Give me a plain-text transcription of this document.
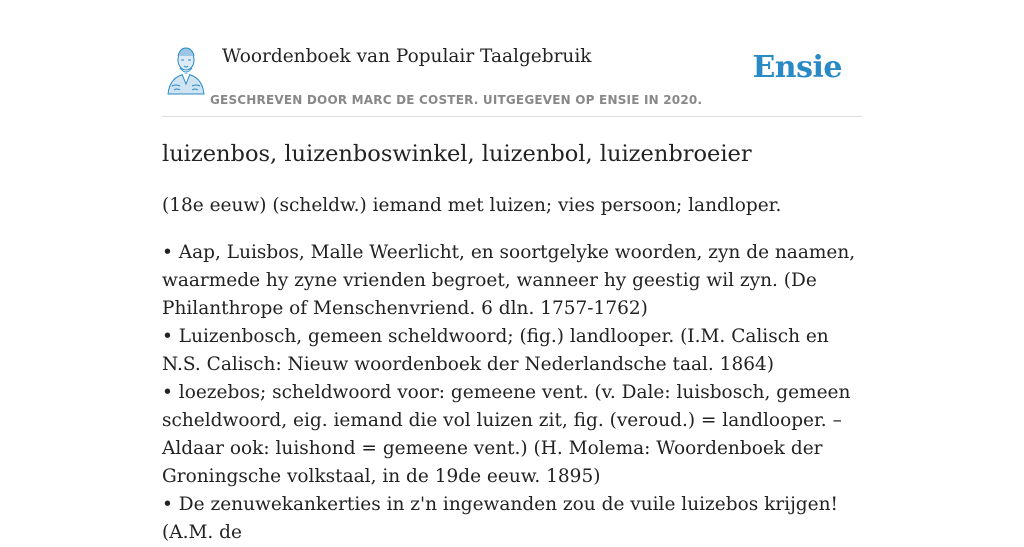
Woordenboek van Populair Taalgebruik
GESCHREVEN DOOR MARC DE COSTER. UITGEGEVEN OP ENSIE IN 2020.
Ensie
luizenbos, luizenboswinkel, luizenbol, luizenbroeier

(18e eeuw) (scheldw.) iemand met luizen; vies persoon; landloper.

• Aap, Luisbos, Malle Weerlicht, en soortgelyke woorden, zyn de naamen, waarmede hy zyne vrienden begroet, wanneer hy geestig wil zyn. (De Philanthrope of Menschenvriend. 6 dln. 1757-1762)
• Luizenbosch, gemeen scheldwoord; (fig.) landlooper. (I.M. Calisch en N.S. Calisch: Nieuw woordenboek der Nederlandsche taal. 1864)
• loezebos; scheldwoord voor: gemeene vent. (v. Dale: luisbosch, gemeen scheldwoord, eig. iemand die vol luizen zit, fig. (veroud.) = landlooper. – Aldaar ook: luishond = gemeene vent.) (H. Molema: Woordenboek der Groningsche volkstaal, in de 19de eeuw. 1895)
• De zenuwekankerties in z'n ingewanden zou de vuile luizebos krijgen! (A.M. de
